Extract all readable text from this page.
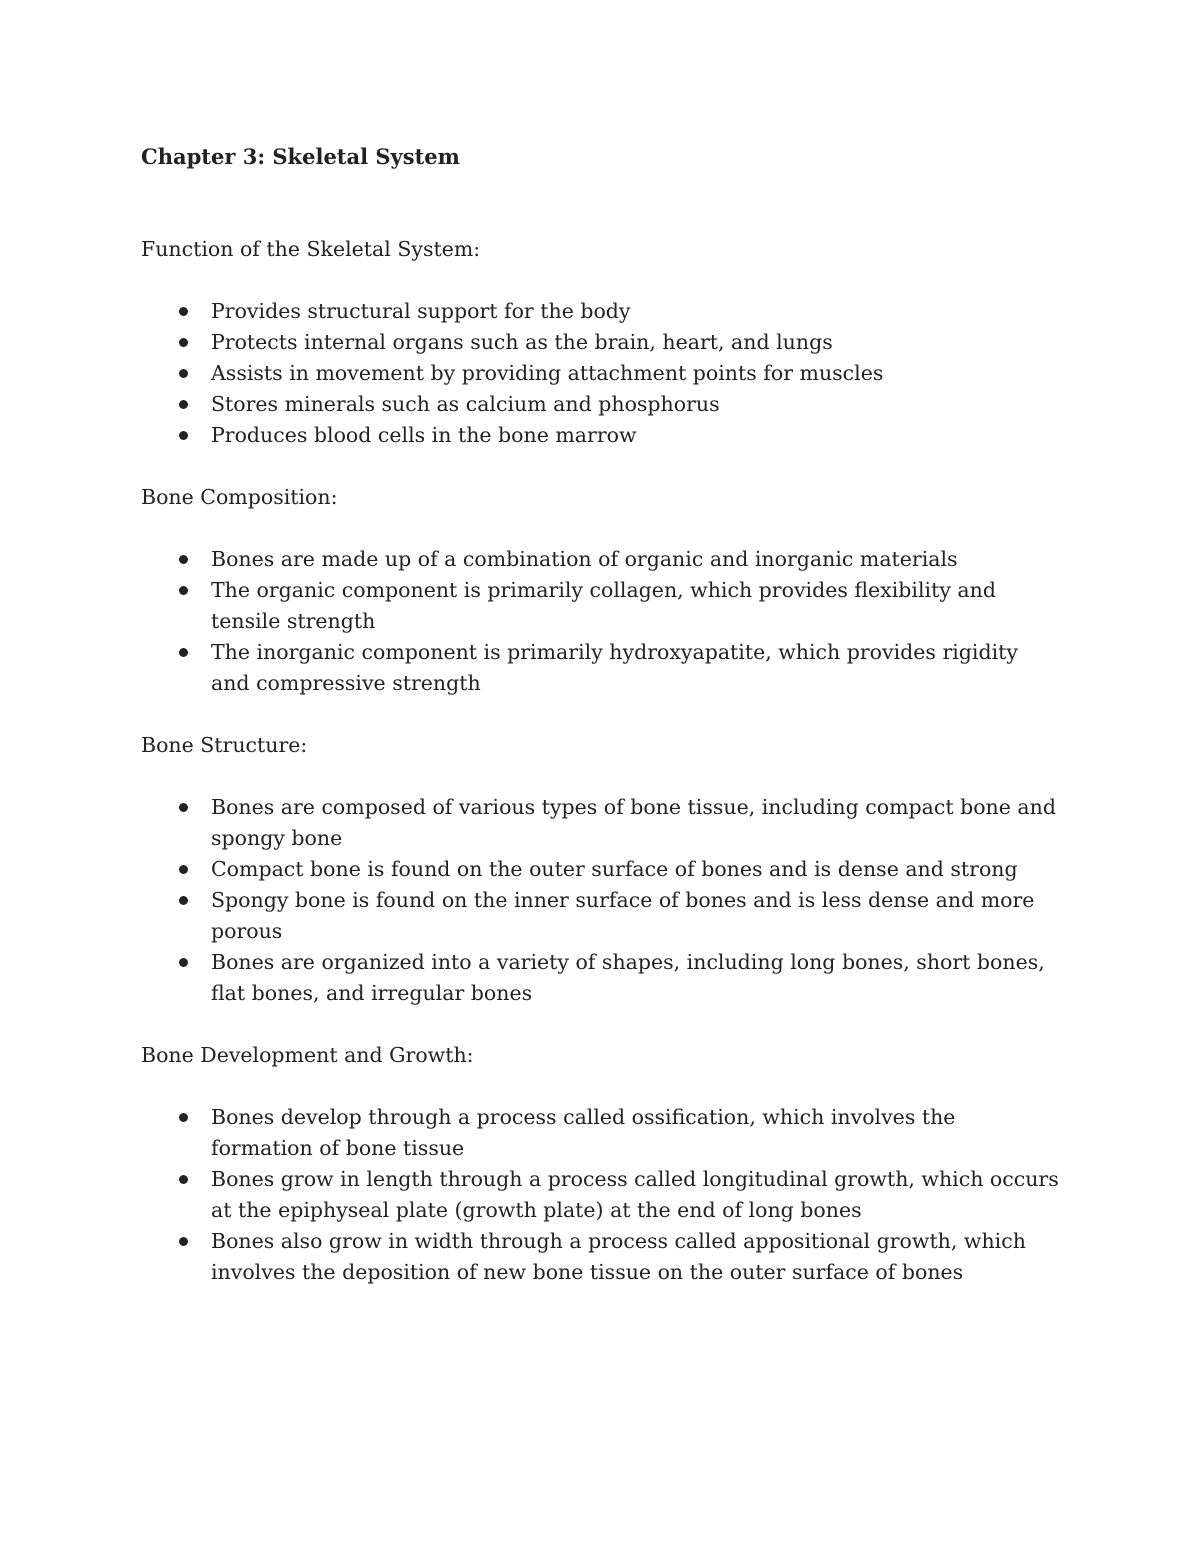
Chapter 3: Skeletal System
Function of the Skeletal System:
Provides structural support for the body
Protects internal organs such as the brain, heart, and lungs
Assists in movement by providing attachment points for muscles
Stores minerals such as calcium and phosphorus
Produces blood cells in the bone marrow
Bone Composition:
Bones are made up of a combination of organic and inorganic materials
The organic component is primarily collagen, which provides flexibility and tensile strength
The inorganic component is primarily hydroxyapatite, which provides rigidity and compressive strength
Bone Structure:
Bones are composed of various types of bone tissue, including compact bone and spongy bone
Compact bone is found on the outer surface of bones and is dense and strong
Spongy bone is found on the inner surface of bones and is less dense and more porous
Bones are organized into a variety of shapes, including long bones, short bones, flat bones, and irregular bones
Bone Development and Growth:
Bones develop through a process called ossification, which involves the formation of bone tissue
Bones grow in length through a process called longitudinal growth, which occurs at the epiphyseal plate (growth plate) at the end of long bones
Bones also grow in width through a process called appositional growth, which involves the deposition of new bone tissue on the outer surface of bones
